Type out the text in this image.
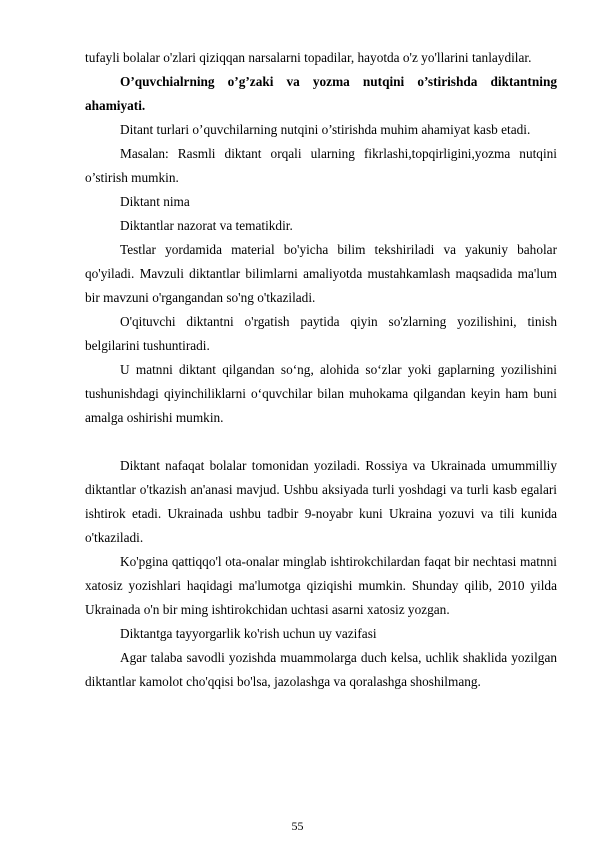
tufayli bolalar o'zlari qiziqqan narsalarni topadilar, hayotda o'z yo'llarini tanlaydilar.

O’quvchialrning o’g’zaki va yozma nutqini o’stirishda diktantning ahamiyati.

Ditant turlari o’quvchilarning nutqini o’stirishda muhim ahamiyat kasb etadi.

Masalan: Rasmli diktant orqali ularning fikrlashi,topqirligini,yozma nutqini o’stirish mumkin.

Diktant nima

Diktantlar nazorat va tematikdir.

Testlar yordamida material bo'yicha bilim tekshiriladi va yakuniy baholar qo'yiladi. Mavzuli diktantlar bilimlarni amaliyotda mustahkamlash maqsadida ma'lum bir mavzuni o'rgangandan so'ng o'tkaziladi.

O'qituvchi diktantni o'rgatish paytida qiyin so'zlarning yozilishini, tinish belgilarini tushuntiradi.

U matnni diktant qilgandan so‘ng, alohida so‘zlar yoki gaplarning yozilishini tushunishdagi qiyinchiliklarni o‘quvchilar bilan muhokama qilgandan keyin ham buni amalga oshirishi mumkin.

Diktant nafaqat bolalar tomonidan yoziladi. Rossiya va Ukrainada umummilliy diktantlar o'tkazish an'anasi mavjud. Ushbu aksiyada turli yoshdagi va turli kasb egalari ishtirok etadi. Ukrainada ushbu tadbir 9-noyabr kuni Ukraina yozuvi va tili kunida o'tkaziladi.

Ko'pgina qattiqqo'l ota-onalar minglab ishtirokchilardan faqat bir nechtasi matnni xatosiz yozishlari haqidagi ma'lumotga qiziqishi mumkin. Shunday qilib, 2010 yilda Ukrainada o'n bir ming ishtirokchidan uchtasi asarni xatosiz yozgan.

Diktantga tayyorgarlik ko'rish uchun uy vazifasi

Agar talaba savodli yozishda muammolarga duch kelsa, uchlik shaklida yozilgan diktantlar kamolot cho'qqisi bo'lsa, jazolashga va qoralashga shoshilmang.

55
